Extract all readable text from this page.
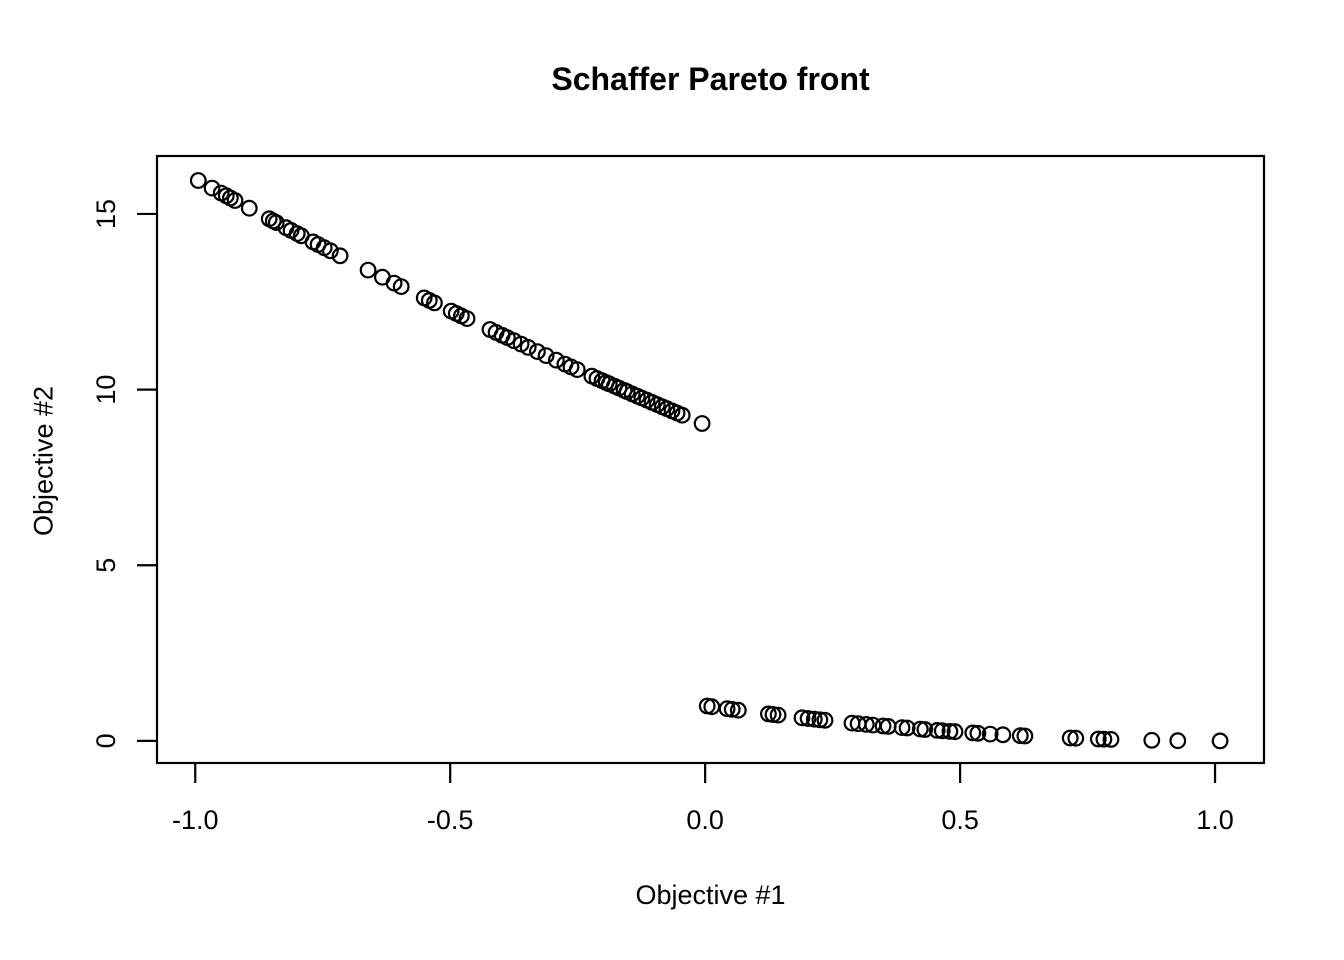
Schaffer Pareto front
-1.0	-0.5	0.0	0.5	1.0
0
5
10
15
Objective #1
Objective #2
